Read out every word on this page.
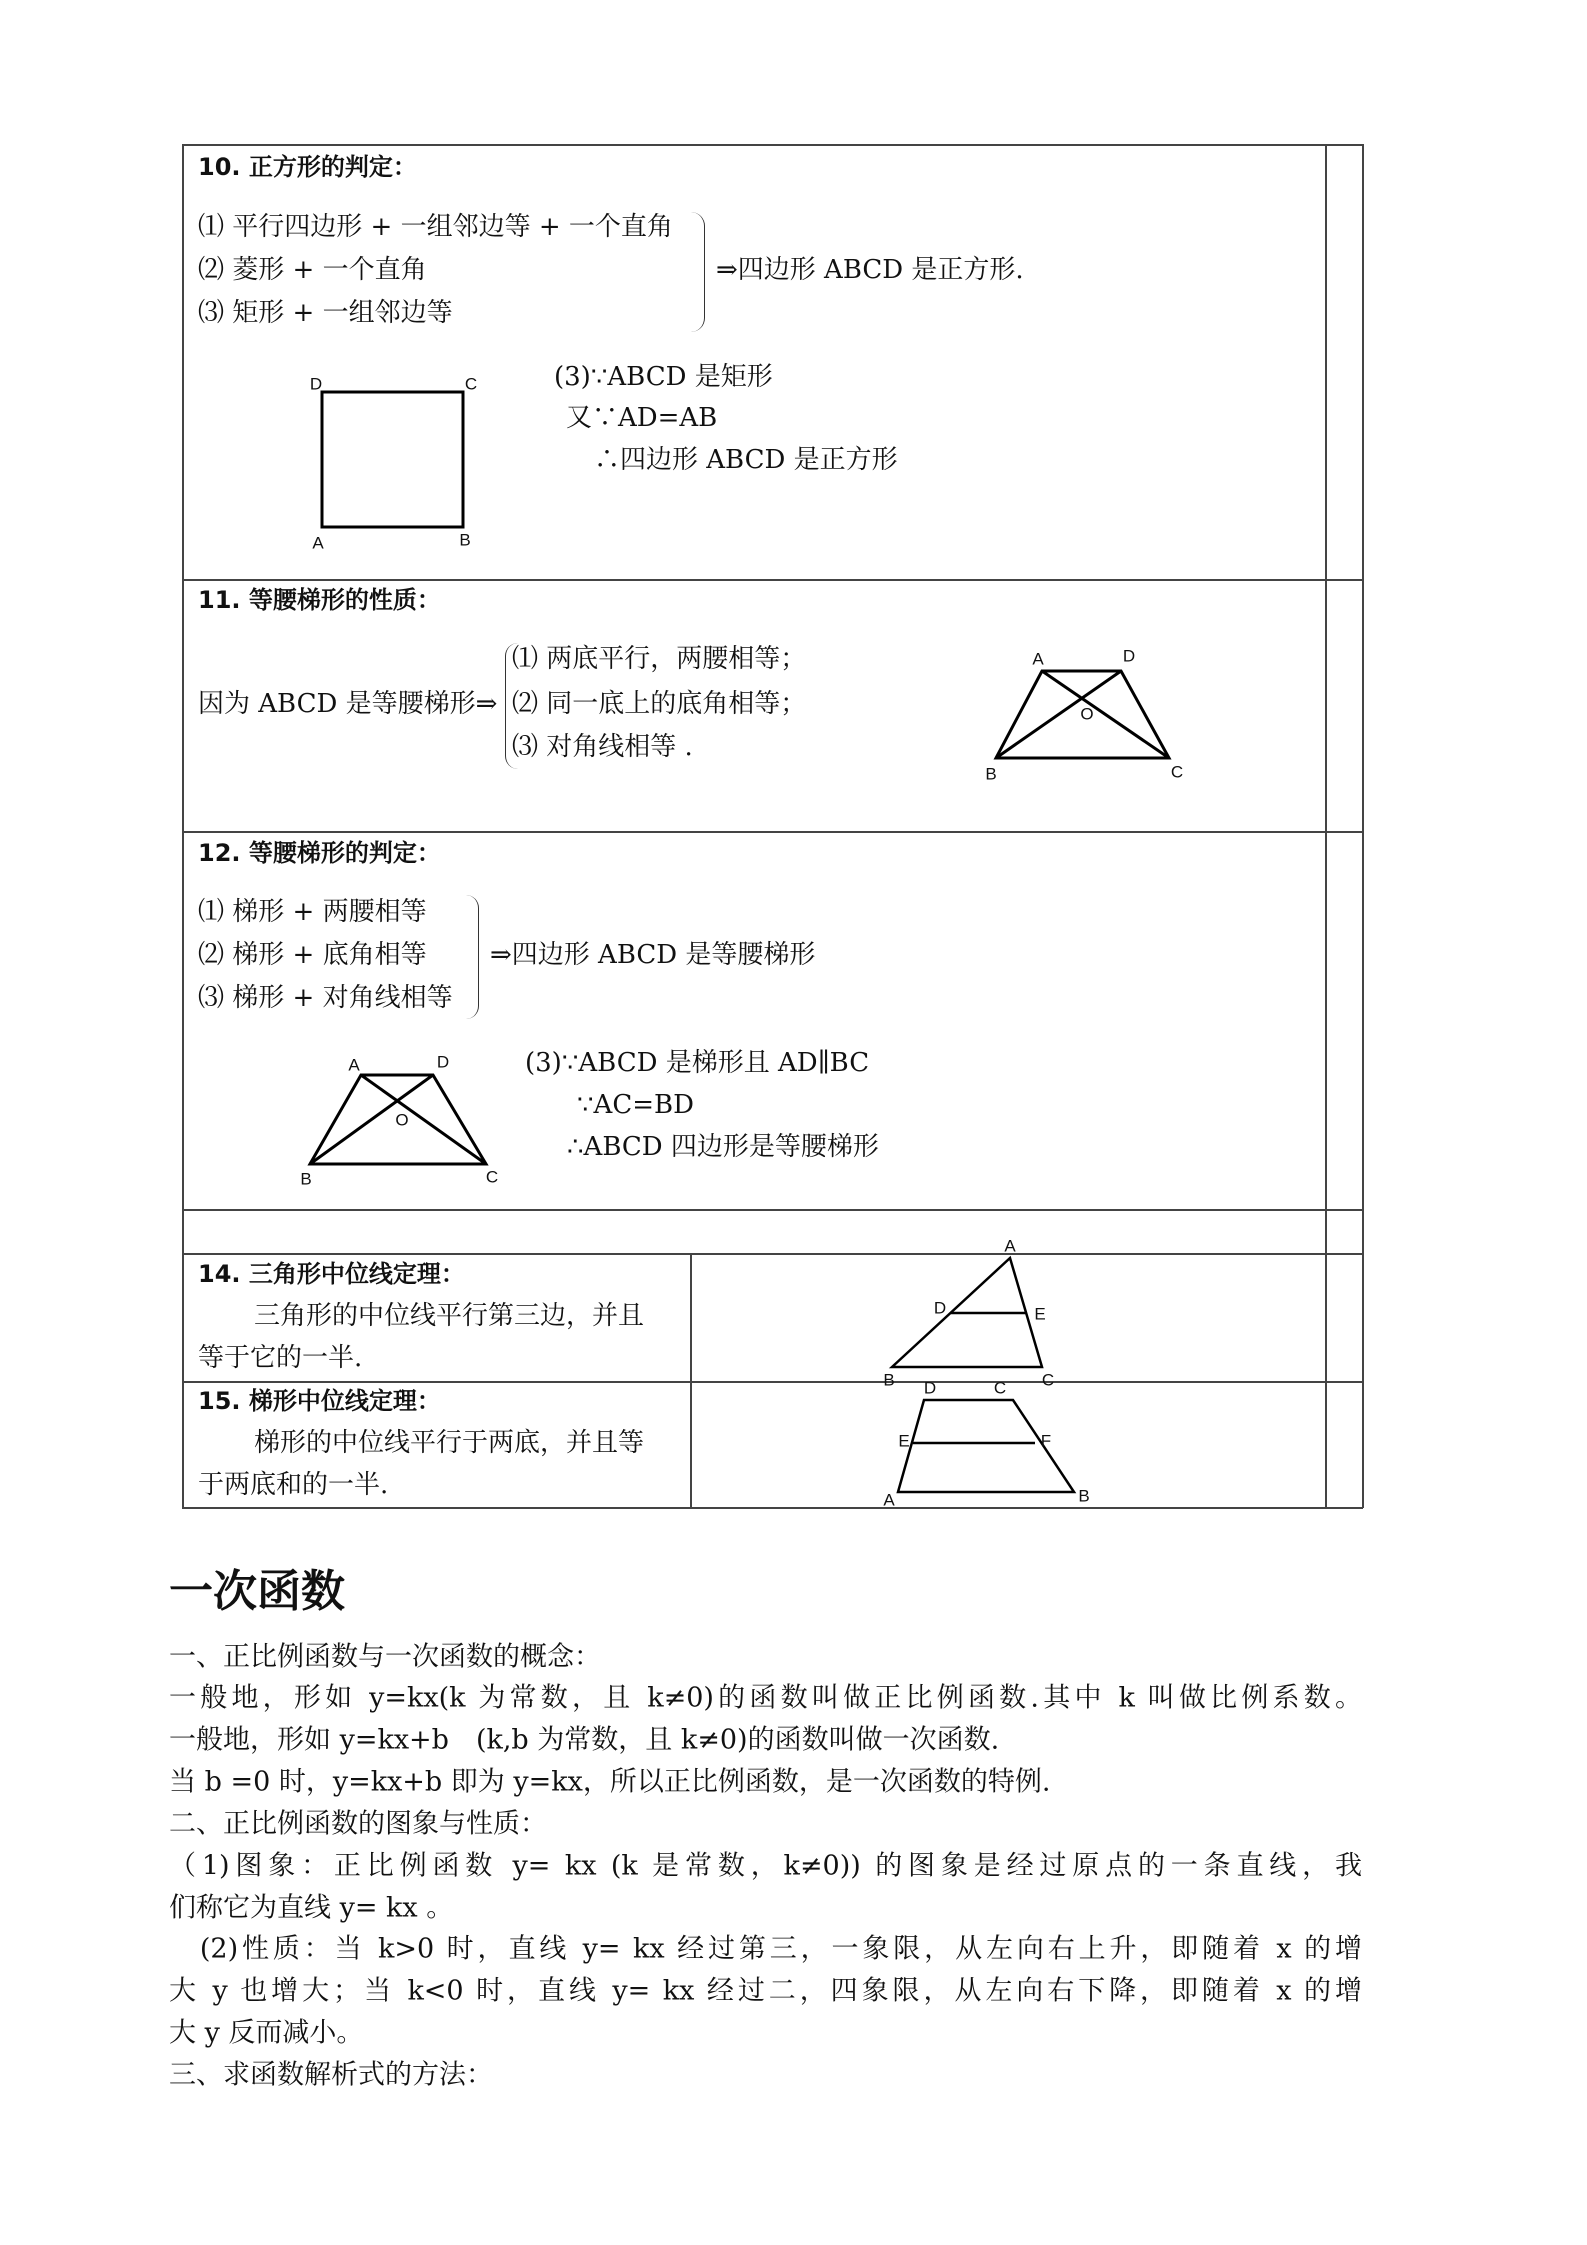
10. 正方形的判定：
⑴ 平行四边形 + 一组邻边等 + 一个直角
⑵ 菱形 + 一个直角
⑶ 矩形 + 一组邻边等
⇒四边形 ABCD 是正方形.
(3)∵ABCD 是矩形
又∵AD=AB
∴四边形 ABCD 是正方形
11. 等腰梯形的性质：
因为 ABCD 是等腰梯形⇒
⑴ 两底平行，两腰相等；
⑵ 同一底上的底角相等；
⑶ 对角线相等 .
12. 等腰梯形的判定：
⑴ 梯形 + 两腰相等
⑵ 梯形 + 底角相等
⑶ 梯形 + 对角线相等
⇒四边形 ABCD 是等腰梯形
(3)∵ABCD 是梯形且 AD∥BC
∵AC=BD
∴ABCD 四边形是等腰梯形
14. 三角形中位线定理：
三角形的中位线平行第三边，并且
等于它的一半.
15. 梯形中位线定理：
梯形的中位线平行于两底，并且等
于两底和的一半.
D	C
A	B
A	D
O
B	C
A	D
O
B	C
A
D	E
B	C
D	C
E	F
A	B
一次函数
一、正比例函数与一次函数的概念：
一般地，形如 y=kx(k 为常数，且 k≠0)的函数叫做正比例函数.其中 k 叫做比例系数。
一般地，形如 y=kx+b　(k,b 为常数，且 k≠0)的函数叫做一次函数.
当 b =0 时，y=kx+b 即为 y=kx，所以正比例函数，是一次函数的特例.
二、正比例函数的图象与性质：
（1)图象：正比例函数 y= kx (k 是常数，k≠0)) 的图象是经过原点的一条直线，我
们称它为直线 y= kx 。
　(2)性质：当 k>0 时，直线 y= kx 经过第三，一象限，从左向右上升，即随着 x 的增
大 y 也增大；当 k<0 时，直线 y= kx 经过二，四象限，从左向右下降，即随着 x 的增
大 y 反而减小。
三、求函数解析式的方法：
